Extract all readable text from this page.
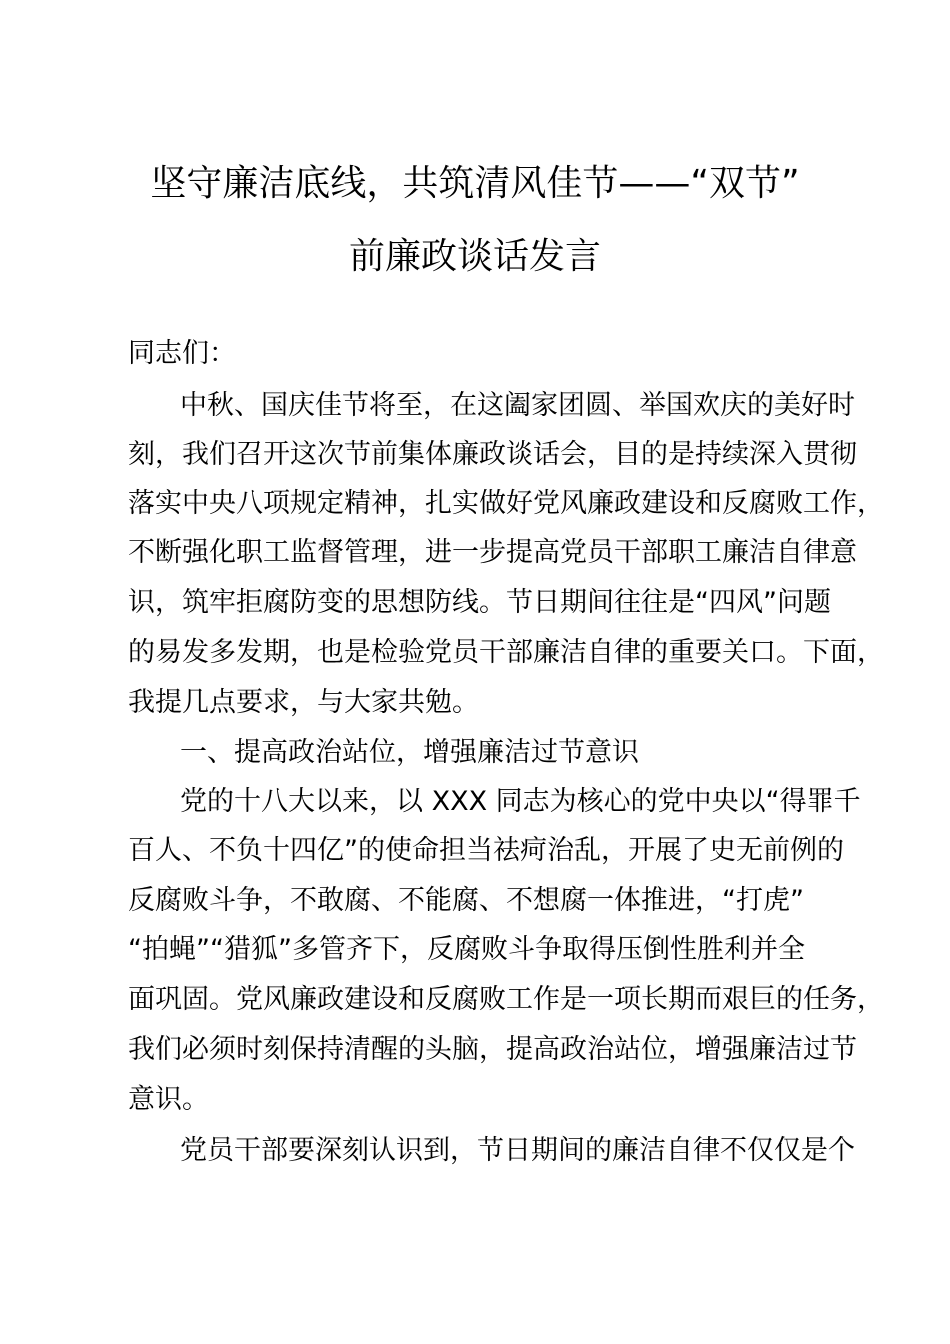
坚守廉洁底线，共筑清风佳节——“双节”
前廉政谈话发言

同志们：

中秋、国庆佳节将至，在这阖家团圆、举国欢庆的美好时

刻，我们召开这次节前集体廉政谈话会，目的是持续深入贯彻

落实中央八项规定精神，扎实做好党风廉政建设和反腐败工作，

不断强化职工监督管理，进一步提高党员干部职工廉洁自律意

识，筑牢拒腐防变的思想防线。节日期间往往是“四风”问题

的易发多发期，也是检验党员干部廉洁自律的重要关口。下面，

我提几点要求，与大家共勉。

一、提高政治站位，增强廉洁过节意识

党的十八大以来，以 XXX 同志为核心的党中央以“得罪千

百人、不负十四亿”的使命担当祛疴治乱，开展了史无前例的

反腐败斗争，不敢腐、不能腐、不想腐一体推进，“打虎”

“拍蝇”“猎狐”多管齐下，反腐败斗争取得压倒性胜利并全

面巩固。党风廉政建设和反腐败工作是一项长期而艰巨的任务，

我们必须时刻保持清醒的头脑，提高政治站位，增强廉洁过节

意识。

党员干部要深刻认识到，节日期间的廉洁自律不仅仅是个
